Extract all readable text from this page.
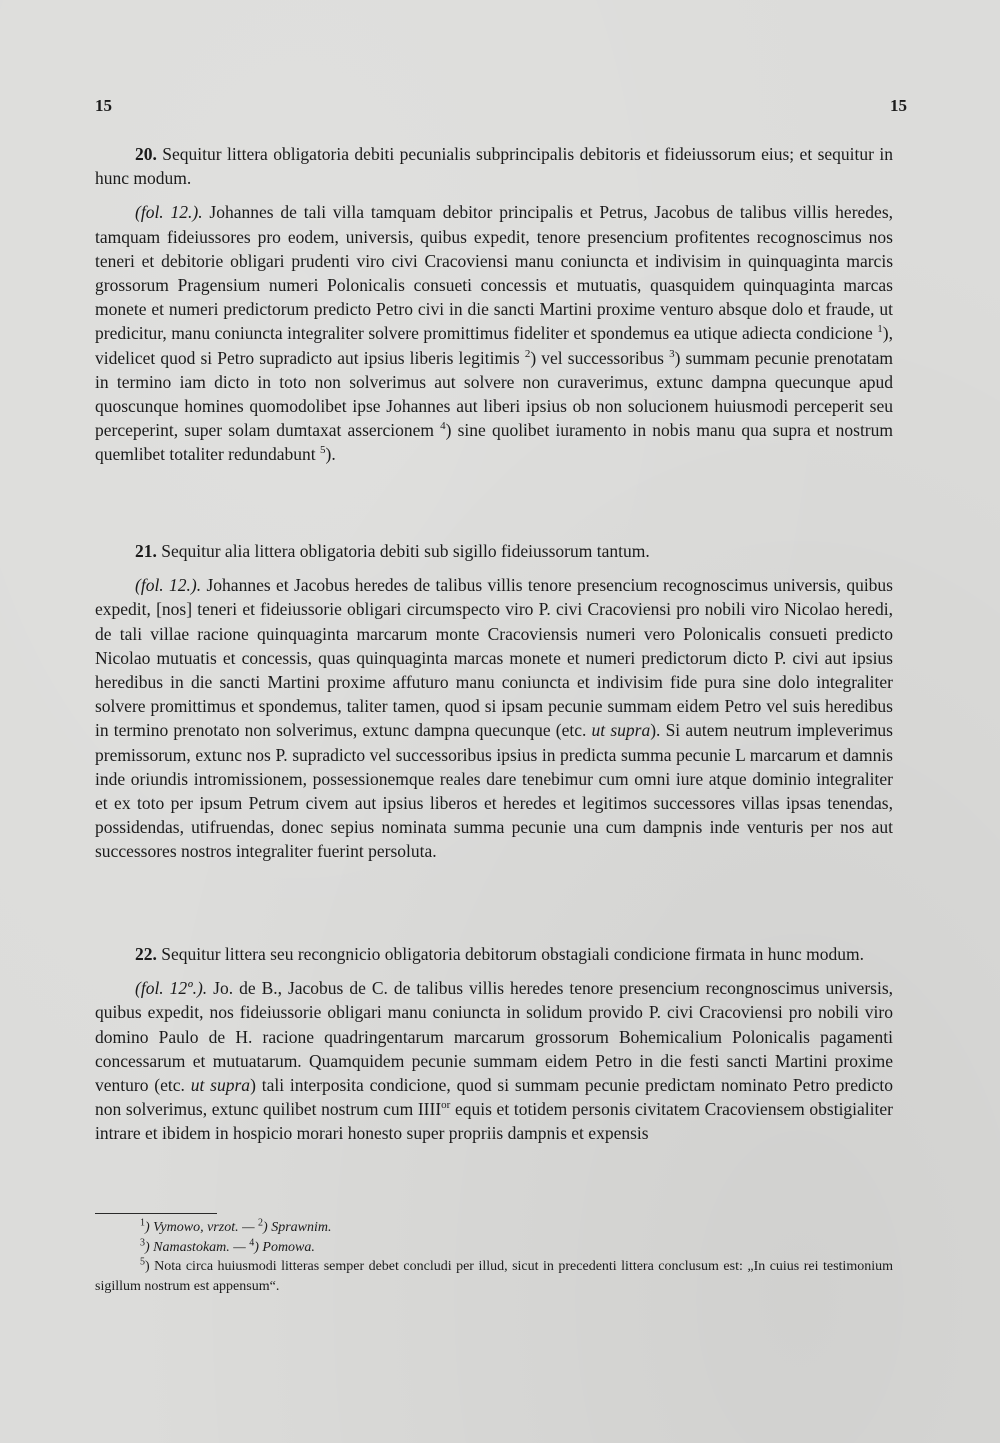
15	15

20. Sequitur littera obligatoria debiti pecunialis subprincipalis debitoris et fideiussorum eius; et sequitur in hunc modum.

(fol. 12.). Johannes de tali villa tamquam debitor principalis et Petrus, Jacobus de talibus villis heredes, tamquam fideiussores pro eodem, universis, quibus expedit, tenore presencium profitentes recognoscimus nos teneri et debitorie obligari prudenti viro civi Cracoviensi manu coniuncta et indivisim in quinquaginta marcis grossorum Pragensium numeri Polonicalis consueti concessis et mutuatis, quasquidem quinquaginta marcas monete et numeri predictorum predicto Petro civi in die sancti Martini proxime venturo absque dolo et fraude, ut predicitur, manu coniuncta integraliter solvere promittimus fideliter et spondemus ea utique adiecta condicione $^1$), videlicet quod si Petro supradicto aut ipsius liberis legitimis $^2$) vel successoribus $^3$) summam pecunie prenotatam in termino iam dicto in toto non solverimus aut solvere non curaverimus, extunc dampna quecunque apud quoscunque homines quomodolibet ipse Johannes aut liberi ipsius ob non solucionem huiusmodi perceperit seu perceperint, super solam dumtaxat assercionem $^4$) sine quolibet iuramento in nobis manu qua supra et nostrum quemlibet totaliter redundabunt $^5$).

21. Sequitur alia littera obligatoria debiti sub sigillo fideiussorum tantum.

(fol. 12.). Johannes et Jacobus heredes de talibus villis tenore presencium recognoscimus universis, quibus expedit, [nos] teneri et fideiussorie obligari circumspecto viro P. civi Cracoviensi pro nobili viro Nicolao heredi, de tali villae racione quinquaginta marcarum monte Cracoviensis numeri vero Polonicalis consueti predicto Nicolao mutuatis et concessis, quas quinquaginta marcas monete et numeri predictorum dicto P. civi aut ipsius heredibus in die sancti Martini proxime affuturo manu coniuncta et indivisim fide pura sine dolo integraliter solvere promittimus et spondemus, taliter tamen, quod si ipsam pecunie summam eidem Petro vel suis heredibus in termino prenotato non solverimus, extunc dampna quecunque (etc. ut supra). Si autem neutrum impleverimus premissorum, extunc nos P. supradicto vel successoribus ipsius in predicta summa pecunie L marcarum et damnis inde oriundis intromissionem, possessionemque reales dare tenebimur cum omni iure atque dominio integraliter et ex toto per ipsum Petrum civem aut ipsius liberos et heredes et legitimos successores villas ipsas tenendas, possidendas, utifruendas, donec sepius nominata summa pecunie una cum dampnis inde venturis per nos aut successores nostros integraliter fuerint persoluta.

22. Sequitur littera seu recongnicio obligatoria debitorum obstagiali condicione firmata in hunc modum.

(fol. 12º.). Jo. de B., Jacobus de C. de talibus villis heredes tenore presencium recongnoscimus universis, quibus expedit, nos fideiussorie obligari manu coniuncta in solidum provido P. civi Cracoviensi pro nobili viro domino Paulo de H. racione quadringentarum marcarum grossorum Bohemicalium Polonicalis pagamenti concessarum et mutuatarum. Quamquidem pecunie summam eidem Petro in die festi sancti Martini proxime venturo (etc. ut supra) tali interposita condicione, quod si summam pecunie predictam nominato Petro predicto non solverimus, extunc quilibet nostrum cum $IIII^{or}$ equis et totidem personis civitatem Cracoviensem obstigialiter intrare et ibidem in hospicio morari honesto super propriis dampnis et expensis

$^1$) Vymowo, vrzot. — $^2$) Sprawnim.

$^3$) Namastokam. — $^4$) Pomowa.

$^5$) Nota circa huiusmodi litteras semper debet concludi per illud, sicut in precedenti littera conclusum est: „In cuius rei testimonium sigillum nostrum est appensum“.
